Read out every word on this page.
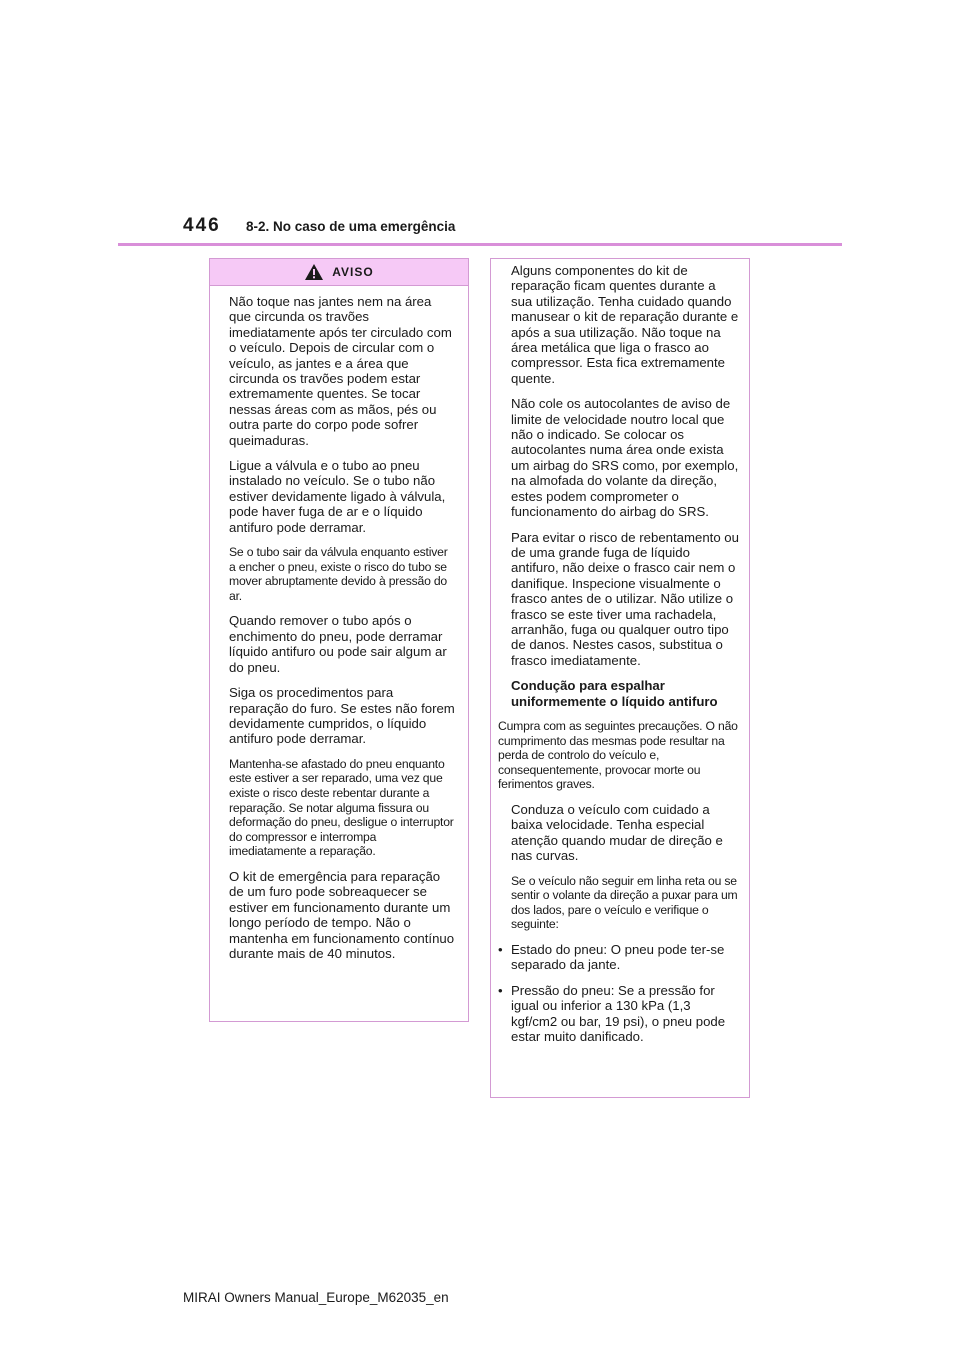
446 8-2. No caso de uma emergência
AVISO

Não toque nas jantes nem na área que circunda os travões imediatamente após ter circulado com o veículo. Depois de circular com o veículo, as jantes e a área que circunda os travões podem estar extremamente quentes. Se tocar nessas áreas com as mãos, pés ou outra parte do corpo pode sofrer queimaduras.

Ligue a válvula e o tubo ao pneu instalado no veículo. Se o tubo não estiver devidamente ligado à válvula, pode haver fuga de ar e o líquido antifuro pode derramar.

Se o tubo sair da válvula enquanto estiver a encher o pneu, existe o risco do tubo se mover abruptamente devido à pressão do ar.

Quando remover o tubo após o enchimento do pneu, pode derramar líquido antifuro ou pode sair algum ar do pneu.

Siga os procedimentos para reparação do furo. Se estes não forem devidamente cumpridos, o líquido antifuro pode derramar.

Mantenha-se afastado do pneu enquanto este estiver a ser reparado, uma vez que existe o risco deste rebentar durante a reparação. Se notar alguma fissura ou deformação do pneu, desligue o interruptor do compressor e interrompa imediatamente a reparação.

O kit de emergência para reparação de um furo pode sobreaquecer se estiver em funcionamento durante um longo período de tempo. Não o mantenha em funcionamento contínuo durante mais de 40 minutos.

Alguns componentes do kit de reparação ficam quentes durante a sua utilização. Tenha cuidado quando manusear o kit de reparação durante e após a sua utilização. Não toque na área metálica que liga o frasco ao compressor. Esta fica extremamente quente.

Não cole os autocolantes de aviso de limite de velocidade noutro local que não o indicado. Se colocar os autocolantes numa área onde exista um airbag do SRS como, por exemplo, na almofada do volante da direção, estes podem comprometer o funcionamento do airbag do SRS.

Para evitar o risco de rebentamento ou de uma grande fuga de líquido antifuro, não deixe o frasco cair nem o danifique. Inspecione visualmente o frasco antes de o utilizar. Não utilize o frasco se este tiver uma rachadela, arranhão, fuga ou qualquer outro tipo de danos. Nestes casos, substitua o frasco imediatamente.

Condução para espalhar uniformemente o líquido antifuro

Cumpra com as seguintes precauções. O não cumprimento das mesmas pode resultar na perda de controlo do veículo e, consequentemente, provocar morte ou ferimentos graves.

Conduza o veículo com cuidado a baixa velocidade. Tenha especial atenção quando mudar de direção e nas curvas.

Se o veículo não seguir em linha reta ou se sentir o volante da direção a puxar para um dos lados, pare o veículo e verifique o seguinte:

• Estado do pneu: O pneu pode ter-se separado da jante.
• Pressão do pneu: Se a pressão for igual ou inferior a 130 kPa (1,3 kgf/cm2 ou bar, 19 psi), o pneu pode estar muito danificado.
MIRAI Owners Manual_Europe_M62035_en
